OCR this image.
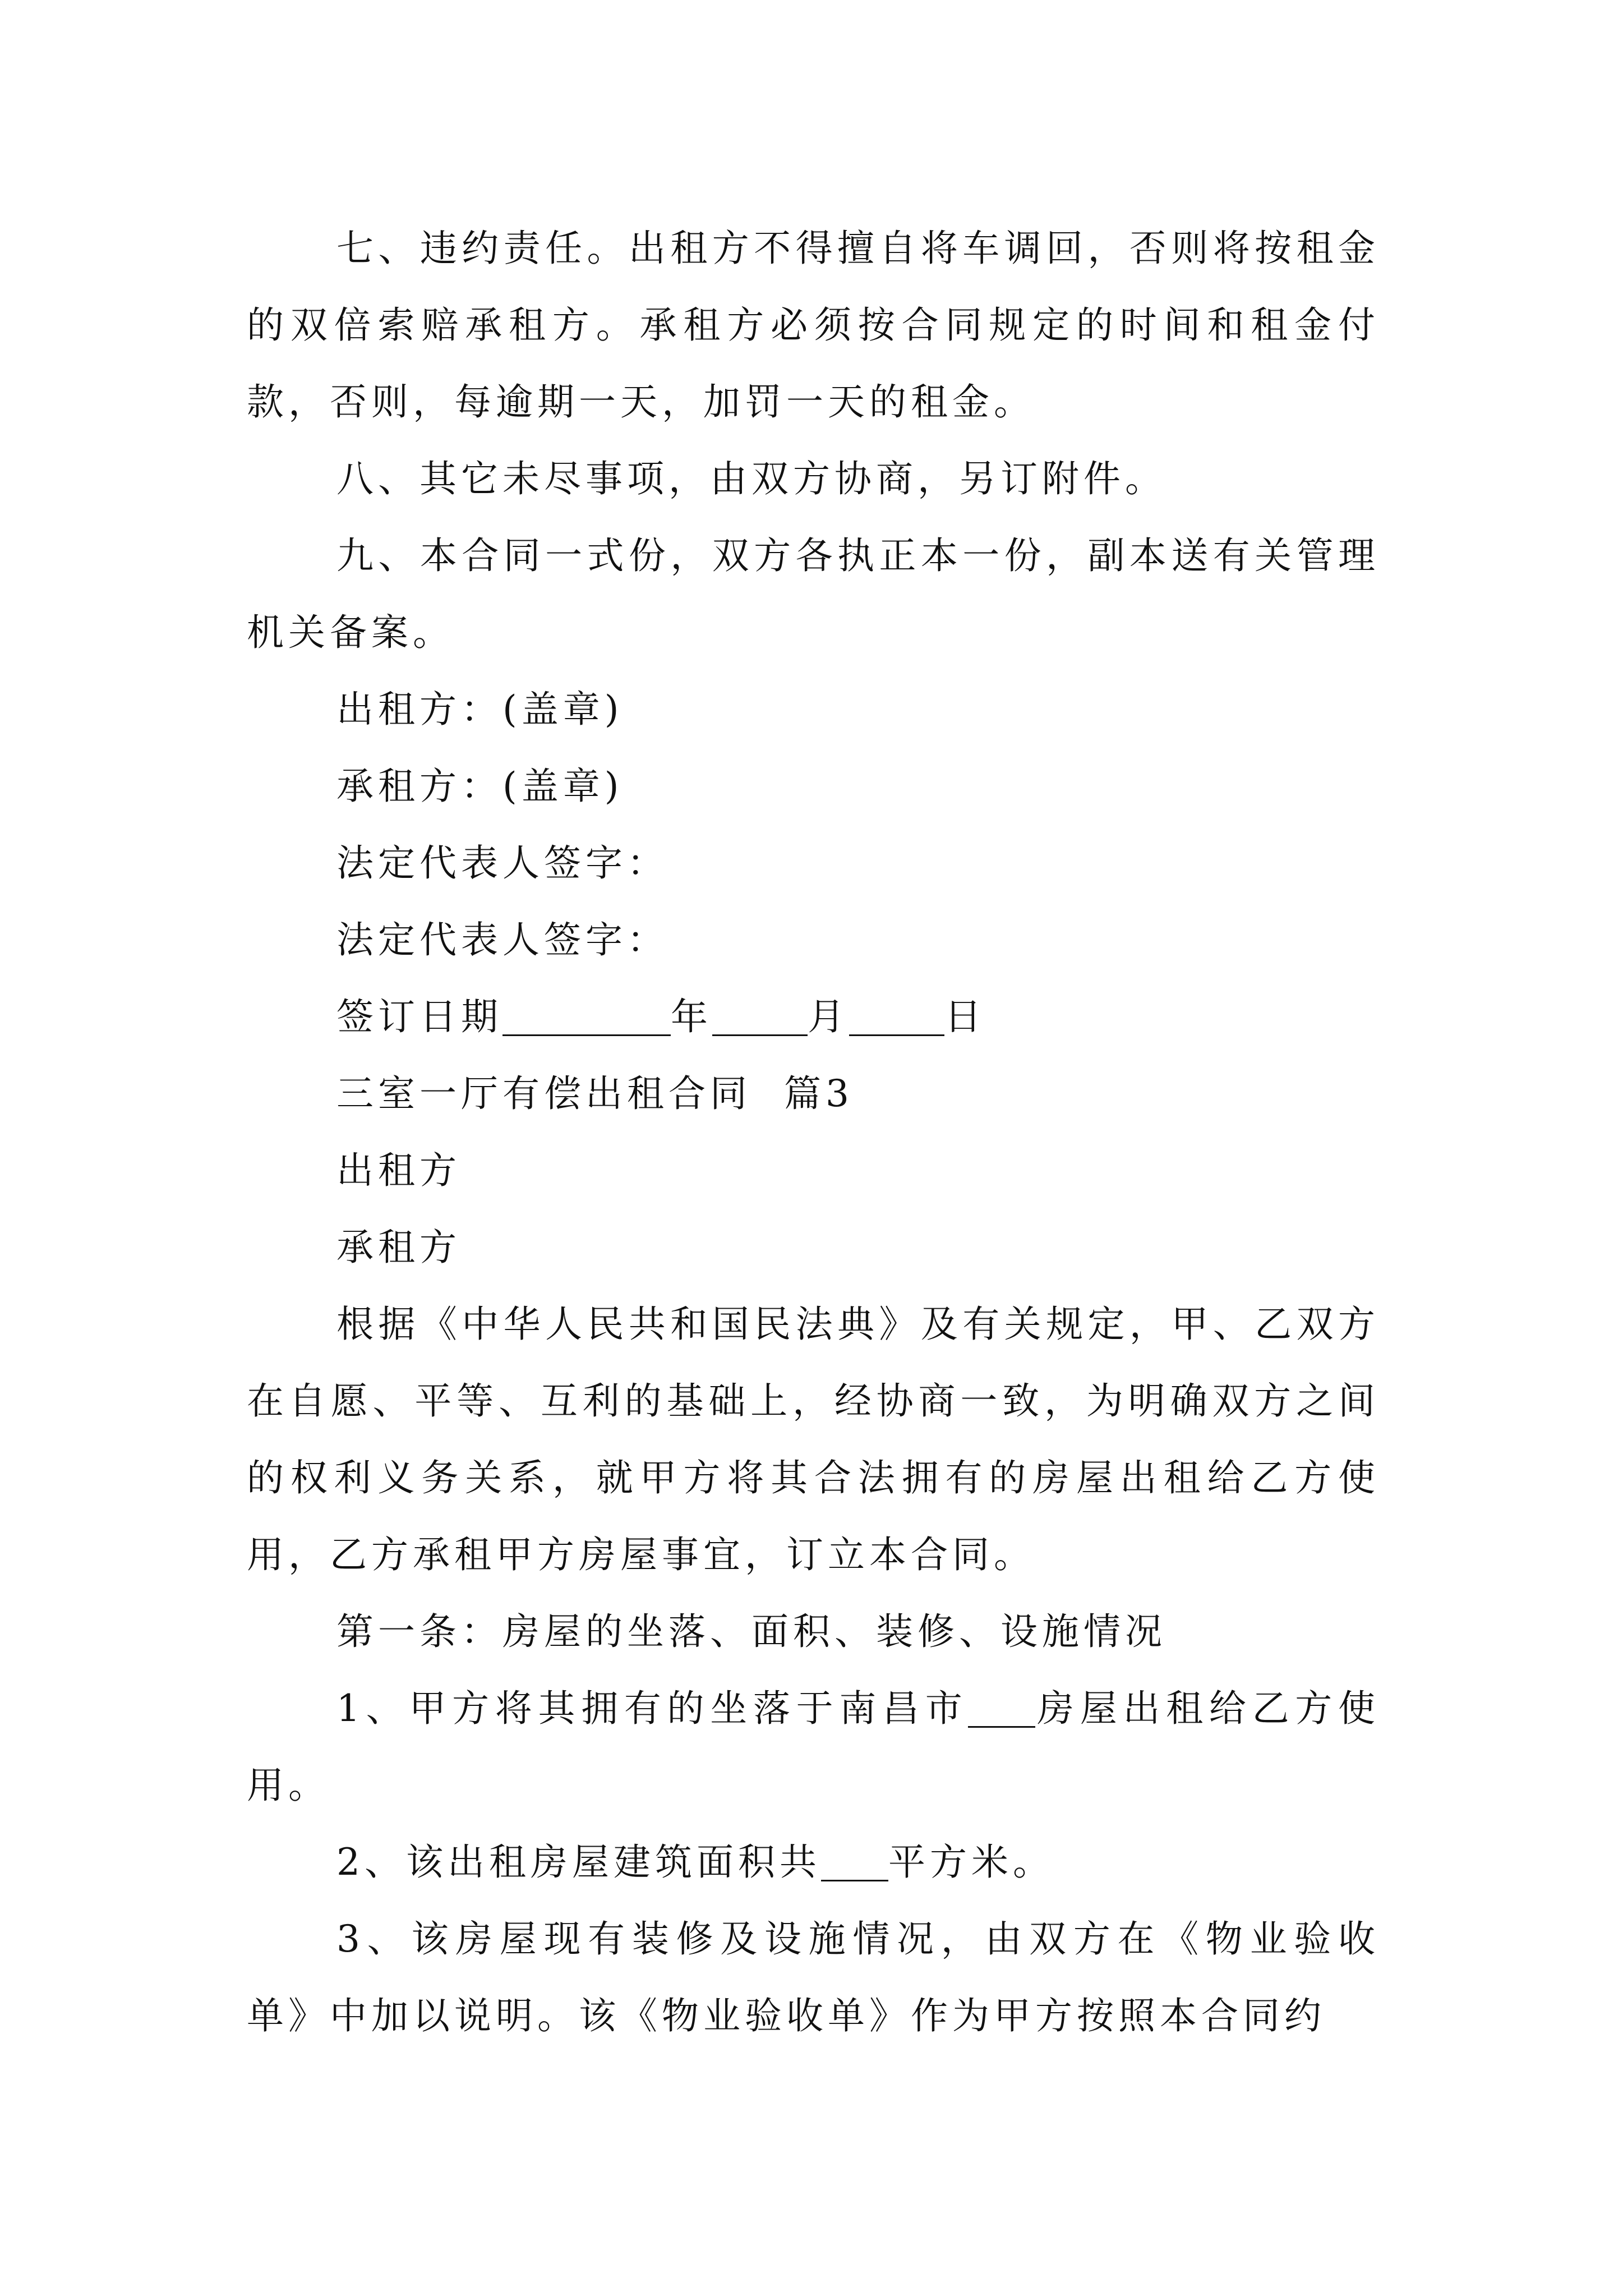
七、违约责任。出租方不得擅自将车调回，否则将按租金的双倍索赔承租方。承租方必须按合同规定的时间和租金付款，否则，每逾期一天，加罚一天的租金。

八、其它未尽事项，由双方协商，另订附件。

九、本合同一式份，双方各执正本一份，副本送有关管理机关备案。

出租方：(盖章)

承租方：(盖章)

法定代表人签字：

法定代表人签字：

签订日期	年	月	日

三室一厅有偿出租合同  篇3

出租方

承租方

根据《中华人民共和国民法典》及有关规定，甲、乙双方在自愿、平等、互利的基础上，经协商一致，为明确双方之间的权利义务关系，就甲方将其合法拥有的房屋出租给乙方使用，乙方承租甲方房屋事宜，订立本合同。

第一条：房屋的坐落、面积、装修、设施情况

1、甲方将其拥有的坐落于南昌市 房屋出租给乙方使用。

2、该出租房屋建筑面积共 平方米。

3、该房屋现有装修及设施情况，由双方在《物业验收单》中加以说明。该《物业验收单》作为甲方按照本合同约
